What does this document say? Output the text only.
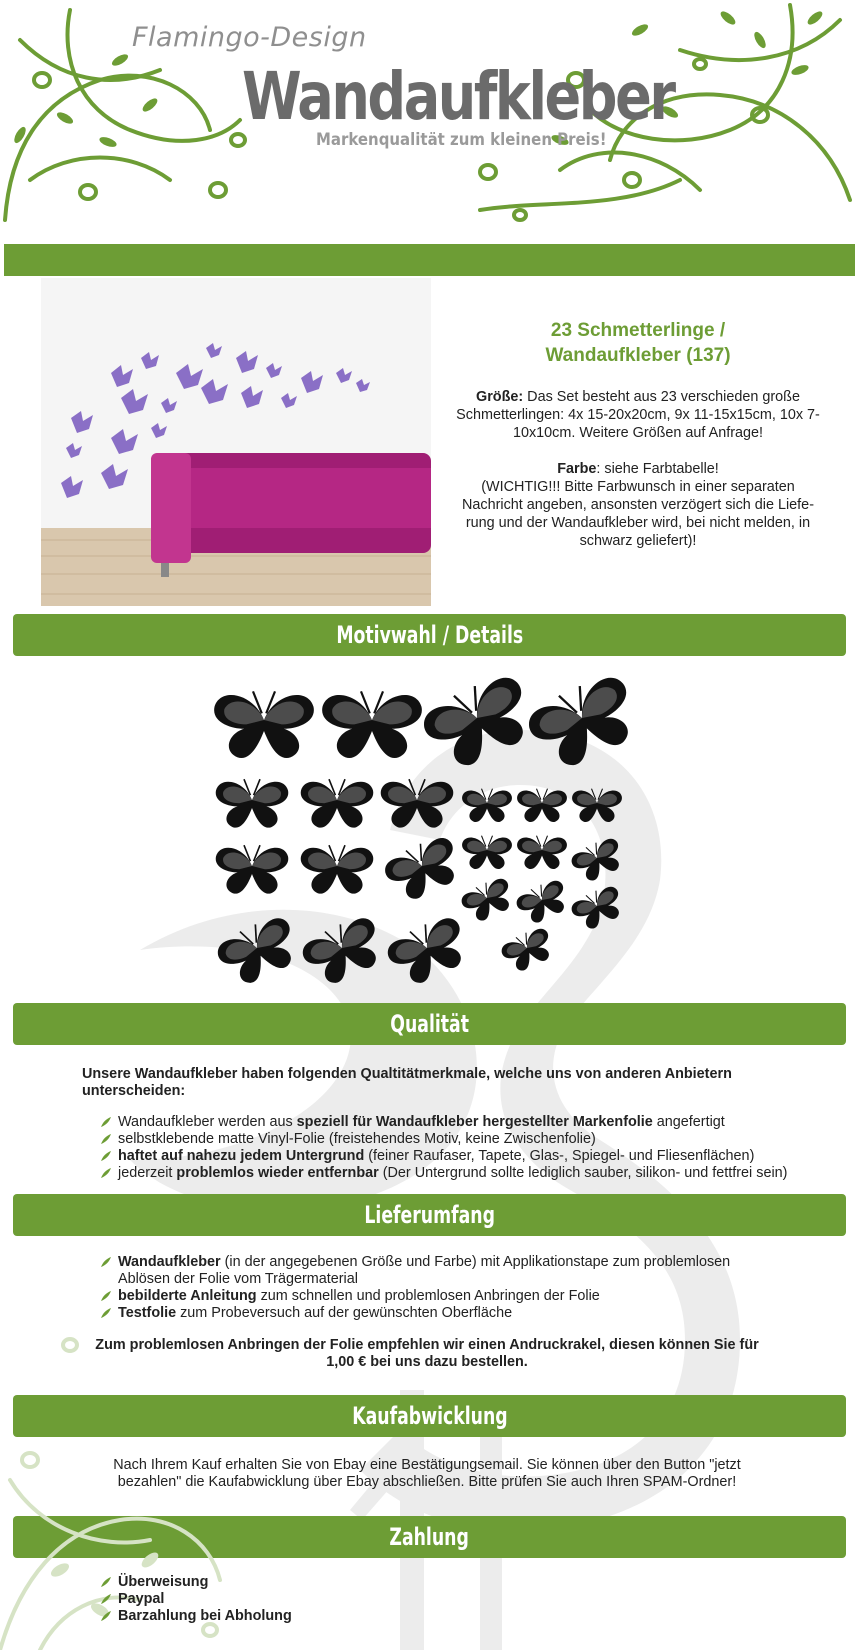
Flamingo-Design
Wandaufkleber
Markenqualität zum kleinen Preis!
23 Schmetterlinge /
Wandaufkleber (137)

Größe: Das Set besteht aus 23 verschieden große Schmetterlingen: 4x 15-20x20cm, 9x 11-15x15cm, 10x 7-10x10cm. Weitere Größen auf Anfrage!

Farbe: siehe Farbtabelle!
(WICHTIG!!! Bitte Farbwunsch in einer separaten Nachricht angeben, ansonsten verzögert sich die Liefe- rung und der Wandaufkleber wird, bei nicht melden, in schwarz geliefert)!

Motivwahl / Details
Qualität
Unsere Wandaufkleber haben folgenden Qualtitätmerkmale, welche uns von anderen Anbietern unterscheiden:
Wandaufkleber werden aus speziell für Wandaufkleber hergestellter Markenfolie angefertigt
selbstklebende matte Vinyl-Folie (freistehendes Motiv, keine Zwischenfolie)
haftet auf nahezu jedem Untergrund (feiner Raufaser, Tapete, Glas-, Spiegel- und Fliesenflächen)
jederzeit problemlos wieder entfernbar (Der Untergrund sollte lediglich sauber, silikon- und fettfrei sein)
Lieferumfang
Wandaufkleber (in der angegebenen Größe und Farbe) mit Applikationstape zum problemlosen Ablösen der Folie vom Trägermaterial
bebilderte Anleitung zum schnellen und problemlosen Anbringen der Folie
Testfolie zum Probeversuch auf der gewünschten Oberfläche
Zum problemlosen Anbringen der Folie empfehlen wir einen Andruckrakel, diesen können Sie für 1,00 € bei uns dazu bestellen.
Kaufabwicklung
Nach Ihrem Kauf erhalten Sie von Ebay eine Bestätigungsemail. Sie können über den Button "jetzt bezahlen" die Kaufabwicklung über Ebay abschließen. Bitte prüfen Sie auch Ihren SPAM-Ordner!
Zahlung
Überweisung
Paypal
Barzahlung bei Abholung
